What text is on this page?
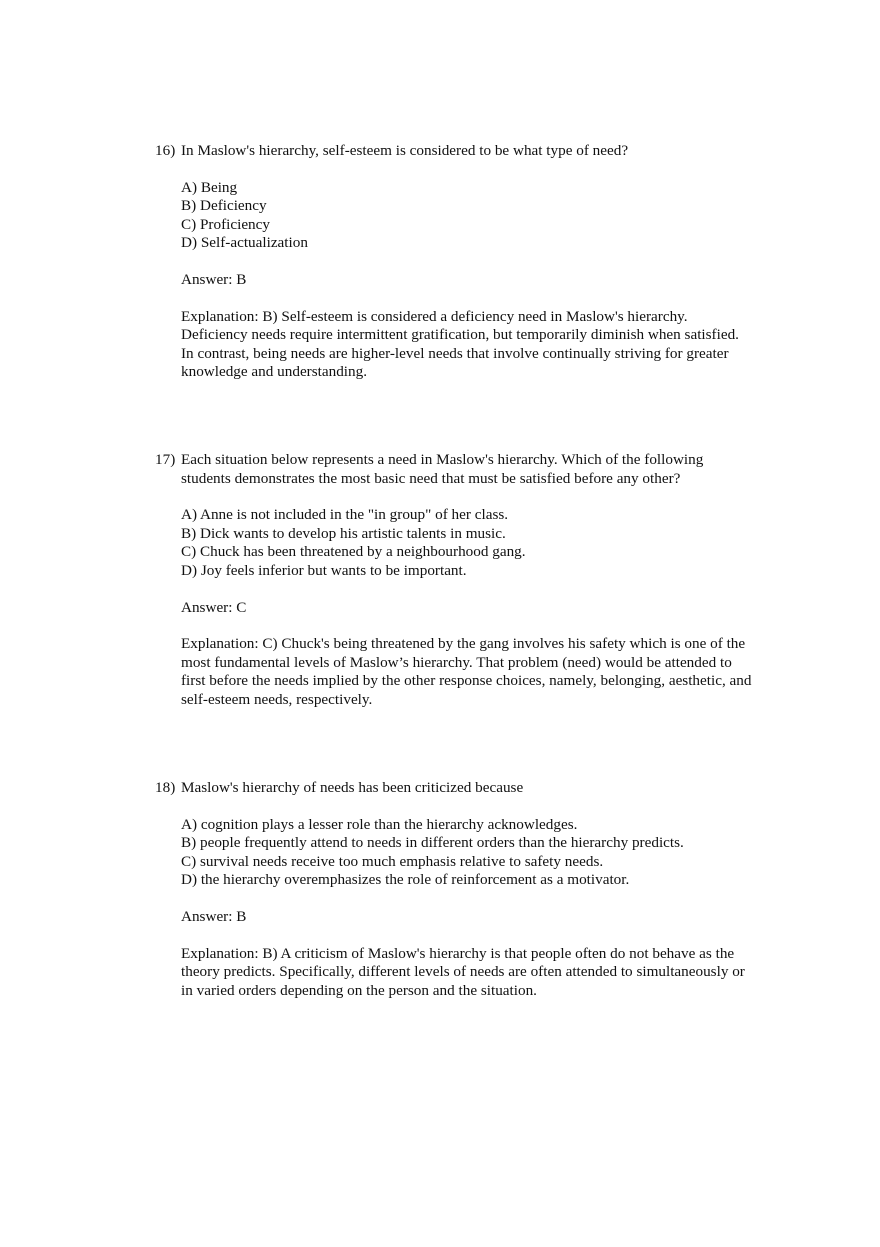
16) In Maslow's hierarchy, self-esteem is considered to be what type of need?
A) Being
B) Deficiency
C) Proficiency
D) Self-actualization
Answer: B
Explanation: B) Self-esteem is considered a deficiency need in Maslow's hierarchy. Deficiency needs require intermittent gratification, but temporarily diminish when satisfied. In contrast, being needs are higher-level needs that involve continually striving for greater knowledge and understanding.
17) Each situation below represents a need in Maslow's hierarchy. Which of the following students demonstrates the most basic need that must be satisfied before any other?
A) Anne is not included in the "in group" of her class.
B) Dick wants to develop his artistic talents in music.
C) Chuck has been threatened by a neighbourhood gang.
D) Joy feels inferior but wants to be important.
Answer: C
Explanation: C) Chuck's being threatened by the gang involves his safety which is one of the most fundamental levels of Maslow’s hierarchy. That problem (need) would be attended to first before the needs implied by the other response choices, namely, belonging, aesthetic, and self-esteem needs, respectively.
18) Maslow's hierarchy of needs has been criticized because
A) cognition plays a lesser role than the hierarchy acknowledges.
B) people frequently attend to needs in different orders than the hierarchy predicts.
C) survival needs receive too much emphasis relative to safety needs.
D) the hierarchy overemphasizes the role of reinforcement as a motivator.
Answer: B
Explanation: B) A criticism of Maslow's hierarchy is that people often do not behave as the theory predicts. Specifically, different levels of needs are often attended to simultaneously or in varied orders depending on the person and the situation.
